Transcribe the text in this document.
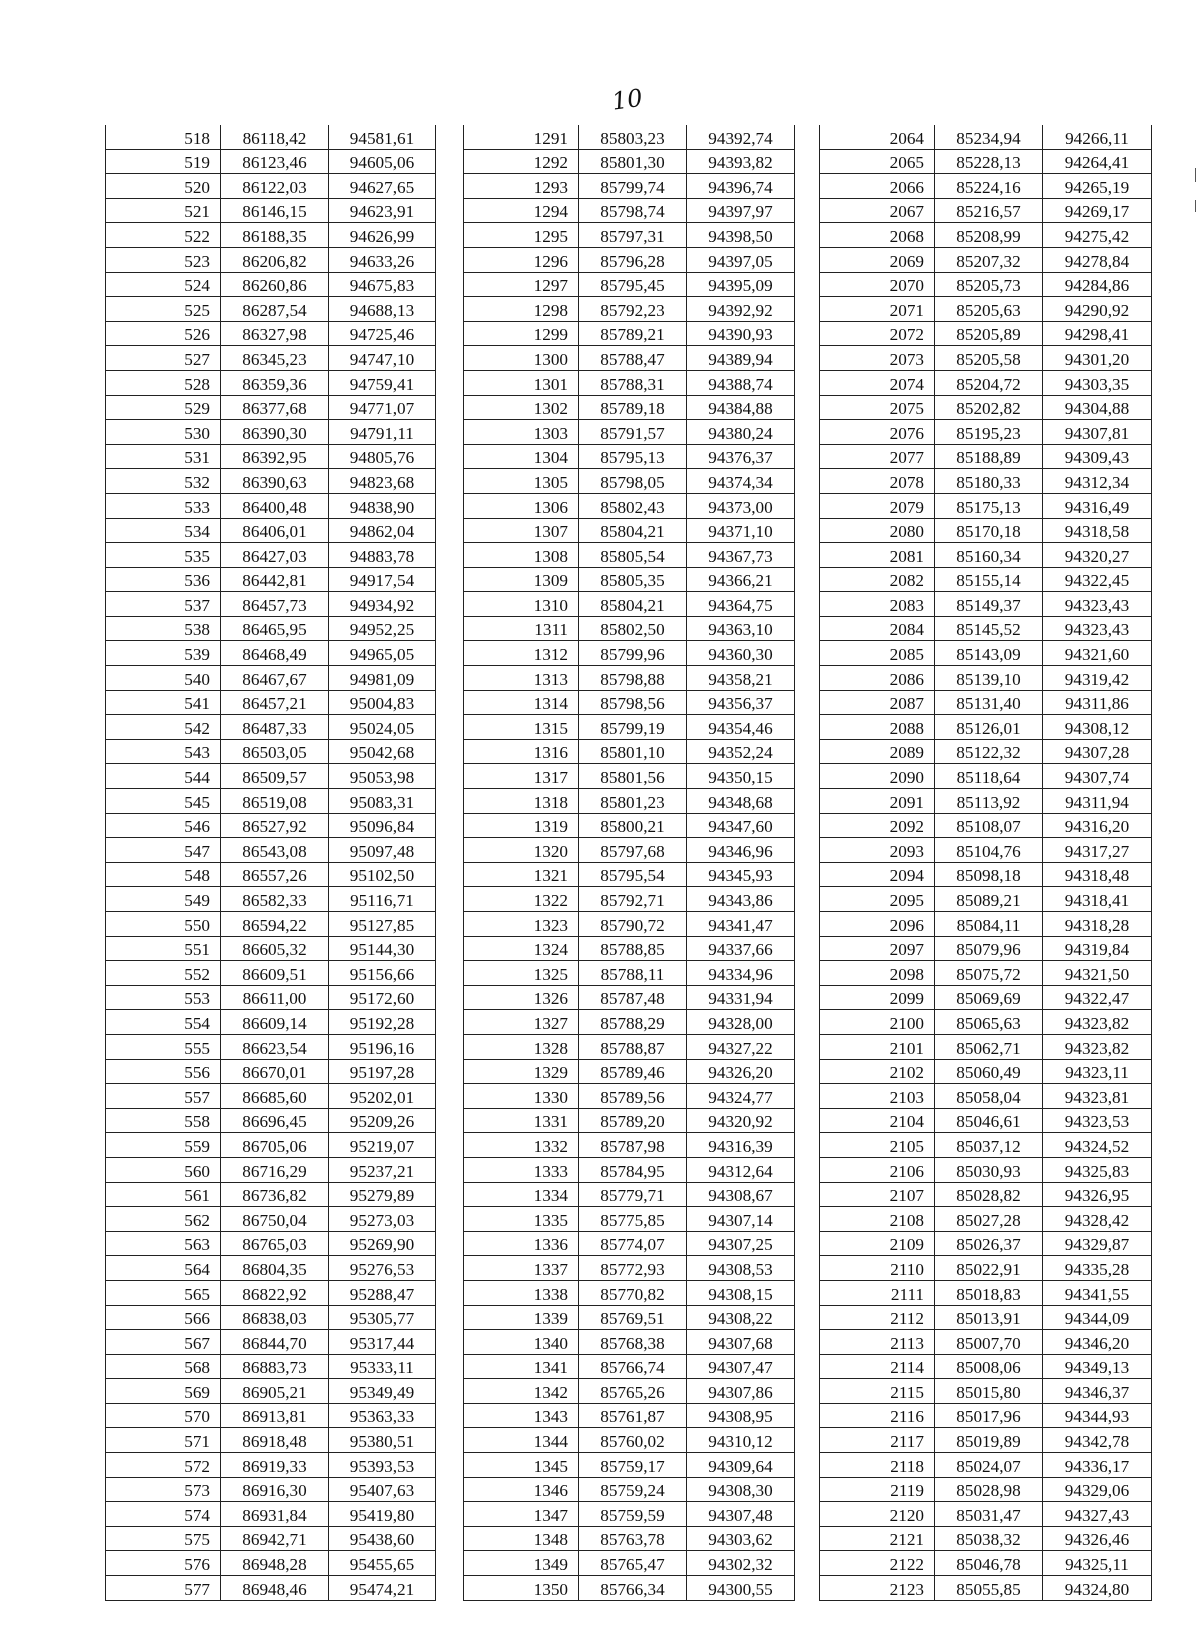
10
518	86118,42	94581,61
519	86123,46	94605,06
520	86122,03	94627,65
521	86146,15	94623,91
522	86188,35	94626,99
523	86206,82	94633,26
524	86260,86	94675,83
525	86287,54	94688,13
526	86327,98	94725,46
527	86345,23	94747,10
528	86359,36	94759,41
529	86377,68	94771,07
530	86390,30	94791,11
531	86392,95	94805,76
532	86390,63	94823,68
533	86400,48	94838,90
534	86406,01	94862,04
535	86427,03	94883,78
536	86442,81	94917,54
537	86457,73	94934,92
538	86465,95	94952,25
539	86468,49	94965,05
540	86467,67	94981,09
541	86457,21	95004,83
542	86487,33	95024,05
543	86503,05	95042,68
544	86509,57	95053,98
545	86519,08	95083,31
546	86527,92	95096,84
547	86543,08	95097,48
548	86557,26	95102,50
549	86582,33	95116,71
550	86594,22	95127,85
551	86605,32	95144,30
552	86609,51	95156,66
553	86611,00	95172,60
554	86609,14	95192,28
555	86623,54	95196,16
556	86670,01	95197,28
557	86685,60	95202,01
558	86696,45	95209,26
559	86705,06	95219,07
560	86716,29	95237,21
561	86736,82	95279,89
562	86750,04	95273,03
563	86765,03	95269,90
564	86804,35	95276,53
565	86822,92	95288,47
566	86838,03	95305,77
567	86844,70	95317,44
568	86883,73	95333,11
569	86905,21	95349,49
570	86913,81	95363,33
571	86918,48	95380,51
572	86919,33	95393,53
573	86916,30	95407,63
574	86931,84	95419,80
575	86942,71	95438,60
576	86948,28	95455,65
577	86948,46	95474,21
1291	85803,23	94392,74
1292	85801,30	94393,82
1293	85799,74	94396,74
1294	85798,74	94397,97
1295	85797,31	94398,50
1296	85796,28	94397,05
1297	85795,45	94395,09
1298	85792,23	94392,92
1299	85789,21	94390,93
1300	85788,47	94389,94
1301	85788,31	94388,74
1302	85789,18	94384,88
1303	85791,57	94380,24
1304	85795,13	94376,37
1305	85798,05	94374,34
1306	85802,43	94373,00
1307	85804,21	94371,10
1308	85805,54	94367,73
1309	85805,35	94366,21
1310	85804,21	94364,75
1311	85802,50	94363,10
1312	85799,96	94360,30
1313	85798,88	94358,21
1314	85798,56	94356,37
1315	85799,19	94354,46
1316	85801,10	94352,24
1317	85801,56	94350,15
1318	85801,23	94348,68
1319	85800,21	94347,60
1320	85797,68	94346,96
1321	85795,54	94345,93
1322	85792,71	94343,86
1323	85790,72	94341,47
1324	85788,85	94337,66
1325	85788,11	94334,96
1326	85787,48	94331,94
1327	85788,29	94328,00
1328	85788,87	94327,22
1329	85789,46	94326,20
1330	85789,56	94324,77
1331	85789,20	94320,92
1332	85787,98	94316,39
1333	85784,95	94312,64
1334	85779,71	94308,67
1335	85775,85	94307,14
1336	85774,07	94307,25
1337	85772,93	94308,53
1338	85770,82	94308,15
1339	85769,51	94308,22
1340	85768,38	94307,68
1341	85766,74	94307,47
1342	85765,26	94307,86
1343	85761,87	94308,95
1344	85760,02	94310,12
1345	85759,17	94309,64
1346	85759,24	94308,30
1347	85759,59	94307,48
1348	85763,78	94303,62
1349	85765,47	94302,32
1350	85766,34	94300,55
2064	85234,94	94266,11
2065	85228,13	94264,41
2066	85224,16	94265,19
2067	85216,57	94269,17
2068	85208,99	94275,42
2069	85207,32	94278,84
2070	85205,73	94284,86
2071	85205,63	94290,92
2072	85205,89	94298,41
2073	85205,58	94301,20
2074	85204,72	94303,35
2075	85202,82	94304,88
2076	85195,23	94307,81
2077	85188,89	94309,43
2078	85180,33	94312,34
2079	85175,13	94316,49
2080	85170,18	94318,58
2081	85160,34	94320,27
2082	85155,14	94322,45
2083	85149,37	94323,43
2084	85145,52	94323,43
2085	85143,09	94321,60
2086	85139,10	94319,42
2087	85131,40	94311,86
2088	85126,01	94308,12
2089	85122,32	94307,28
2090	85118,64	94307,74
2091	85113,92	94311,94
2092	85108,07	94316,20
2093	85104,76	94317,27
2094	85098,18	94318,48
2095	85089,21	94318,41
2096	85084,11	94318,28
2097	85079,96	94319,84
2098	85075,72	94321,50
2099	85069,69	94322,47
2100	85065,63	94323,82
2101	85062,71	94323,82
2102	85060,49	94323,11
2103	85058,04	94323,81
2104	85046,61	94323,53
2105	85037,12	94324,52
2106	85030,93	94325,83
2107	85028,82	94326,95
2108	85027,28	94328,42
2109	85026,37	94329,87
2110	85022,91	94335,28
2111	85018,83	94341,55
2112	85013,91	94344,09
2113	85007,70	94346,20
2114	85008,06	94349,13
2115	85015,80	94346,37
2116	85017,96	94344,93
2117	85019,89	94342,78
2118	85024,07	94336,17
2119	85028,98	94329,06
2120	85031,47	94327,43
2121	85038,32	94326,46
2122	85046,78	94325,11
2123	85055,85	94324,80
